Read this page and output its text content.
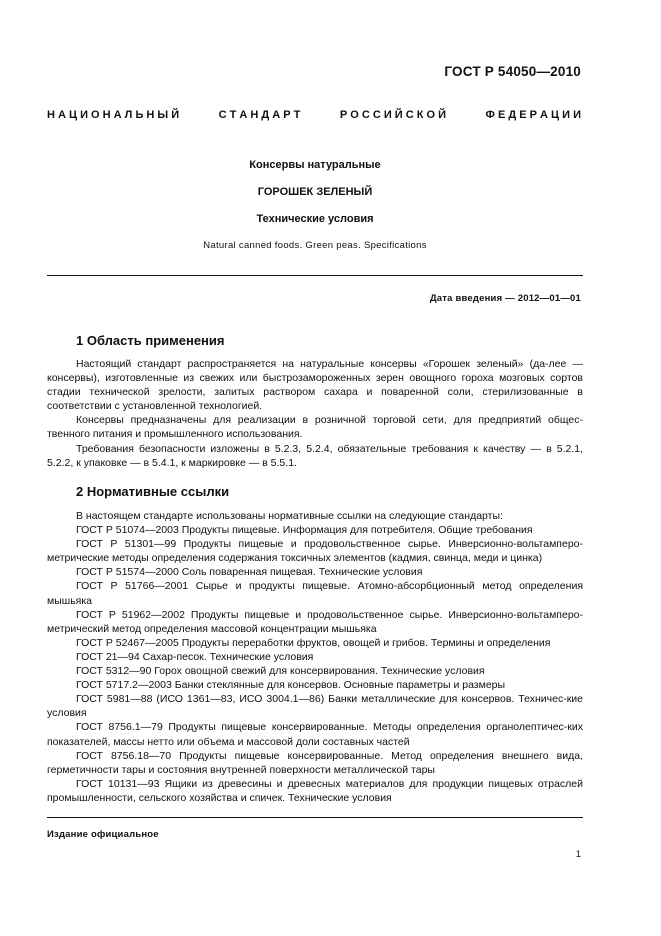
ГОСТ Р 54050—2010
Н А Ц И О Н А Л Ь Н Ы Й	С Т А Н Д А Р Т	Р О С С И Й С К О Й	Ф Е Д Е Р А Ц И И
Консервы натуральные
ГОРОШЕК ЗЕЛЕНЫЙ
Технические условия
Natural canned foods. Green peas. Specifications
Дата введения — 2012—01—01
1 Область применения

Настоящий стандарт распространяется на натуральные консервы «Горошек зеленый» (да-лее — консервы), изготовленные из свежих или быстрозамороженных зерен овощного гороха мозговых сортов стадии технической зрелости, залитых раствором сахара и поваренной соли, стерилизованные в соответствии с установленной технологией.

Консервы предназначены для реализации в розничной торговой сети, для предприятий общес-твенного питания и промышленного использования.

Требования безопасности изложены в 5.2.3, 5.2.4, обязательные требования к качеству — в 5.2.1, 5.2.2, к упаковке — в 5.4.1, к маркировке — в 5.5.1.

2 Нормативные ссылки

В настоящем стандарте использованы нормативные ссылки на следующие стандарты:

ГОСТ Р 51074—2003 Продукты пищевые. Информация для потребителя. Общие требования

ГОСТ Р 51301—99 Продукты пищевые и продовольственное сырье. Инверсионно-вольтамперо-метрические методы определения содержания токсичных элементов (кадмия, свинца, меди и цинка)

ГОСТ Р 51574—2000 Соль поваренная пищевая. Технические условия

ГОСТ Р 51766—2001 Сырье и продукты пищевые. Атомно-абсорбционный метод определения мышьяка

ГОСТ Р 51962—2002 Продукты пищевые и продовольственное сырье. Инверсионно-вольтамперо-метрический метод определения массовой концентрации мышьяка

ГОСТ Р 52467—2005 Продукты переработки фруктов, овощей и грибов. Термины и определения

ГОСТ 21—94 Сахар-песок. Технические условия

ГОСТ 5312—90 Горох овощной свежий для консервирования. Технические условия

ГОСТ 5717.2—2003 Банки стеклянные для консервов. Основные параметры и размеры

ГОСТ 5981—88 (ИСО 1361—83, ИСО 3004.1—86) Банки металлические для консервов. Техничес-кие условия

ГОСТ 8756.1—79 Продукты пищевые консервированные. Методы определения органолептичес-ких показателей, массы нетто или объема и массовой доли составных частей

ГОСТ 8756.18—70 Продукты пищевые консервированные. Метод определения внешнего вида, герметичности тары и состояния внутренней поверхности металлической тары

ГОСТ 10131—93 Ящики из древесины и древесных материалов для продукции пищевых отраслей промышленности, сельского хозяйства и спичек. Технические условия

Издание официальное
1
